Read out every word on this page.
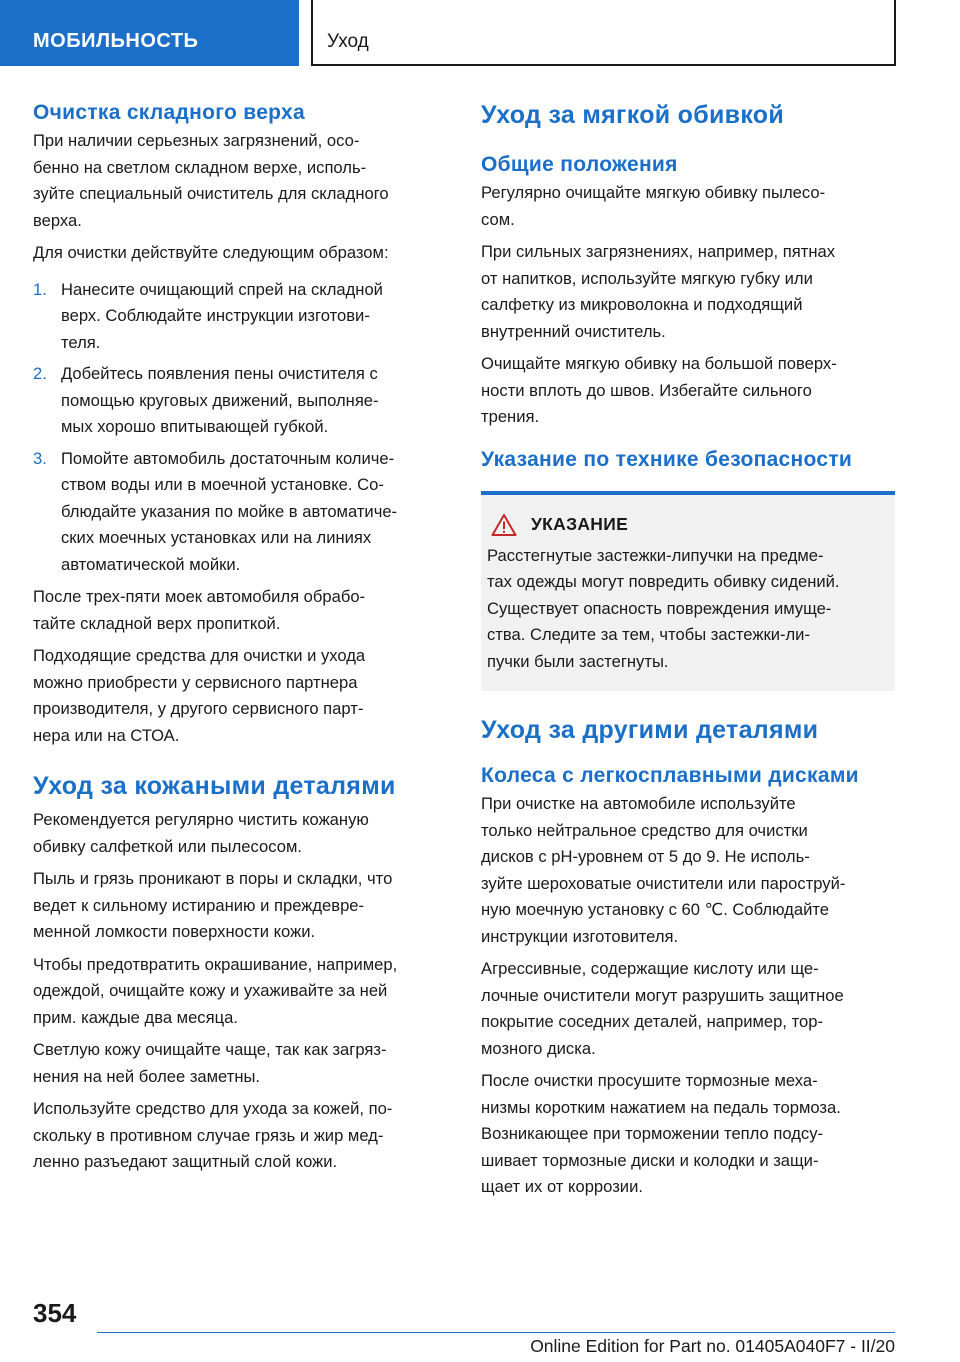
МОБИЛЬНОСТЬ	Уход
Очистка складного верха
При наличии серьезных загрязнений, осо-
бенно на светлом складном верхе, исполь-
зуйте специальный очиститель для складного
верха.
Для очистки действуйте следующим образом:
1. Нанесите очищающий спрей на складной
верх. Соблюдайте инструкции изготови-
теля.
2. Добейтесь появления пены очистителя с
помощью круговых движений, выполняе-
мых хорошо впитывающей губкой.
3. Помойте автомобиль достаточным количе-
ством воды или в моечной установке. Со-
блюдайте указания по мойке в автоматиче-
ских моечных установках или на линиях
автоматической мойки.
После трех-пяти моек автомобиля обрабо-
тайте складной верх пропиткой.
Подходящие средства для очистки и ухода
можно приобрести у сервисного партнера
производителя, у другого сервисного парт-
нера или на СТОА.
Уход за кожаными деталями
Рекомендуется регулярно чистить кожаную
обивку салфеткой или пылесосом.
Пыль и грязь проникают в поры и складки, что
ведет к сильному истиранию и преждевре-
менной ломкости поверхности кожи.
Чтобы предотвратить окрашивание, например,
одеждой, очищайте кожу и ухаживайте за ней
прим. каждые два месяца.
Светлую кожу очищайте чаще, так как загряз-
нения на ней более заметны.
Используйте средство для ухода за кожей, по-
скольку в противном случае грязь и жир мед-
ленно разъедают защитный слой кожи.
Уход за мягкой обивкой
Общие положения
Регулярно очищайте мягкую обивку пылесо-
сом.
При сильных загрязнениях, например, пятнах
от напитков, используйте мягкую губку или
салфетку из микроволокна и подходящий
внутренний очиститель.
Очищайте мягкую обивку на большой поверх-
ности вплоть до швов. Избегайте сильного
трения.
Указание по технике безопасности
УКАЗАНИЕ
Расстегнутые застежки-липучки на предме-
тах одежды могут повредить обивку сидений.
Существует опасность повреждения имуще-
ства. Следите за тем, чтобы застежки-ли-
пучки были застегнуты.
Уход за другими деталями
Колеса с легкосплавными дисками
При очистке на автомобиле используйте
только нейтральное средство для очистки
дисков с pH-уровнем от 5 до 9. Не исполь-
зуйте шероховатые очистители или пароструй-
ную моечную установку с 60 ℃. Соблюдайте
инструкции изготовителя.
Агрессивные, содержащие кислоту или ще-
лочные очистители могут разрушить защитное
покрытие соседних деталей, например, тор-
мозного диска.
После очистки просушите тормозные меха-
низмы коротким нажатием на педаль тормоза.
Возникающее при торможении тепло подсу-
шивает тормозные диски и колодки и защи-
щает их от коррозии.
354
Online Edition for Part no. 01405A040F7 - II/20
